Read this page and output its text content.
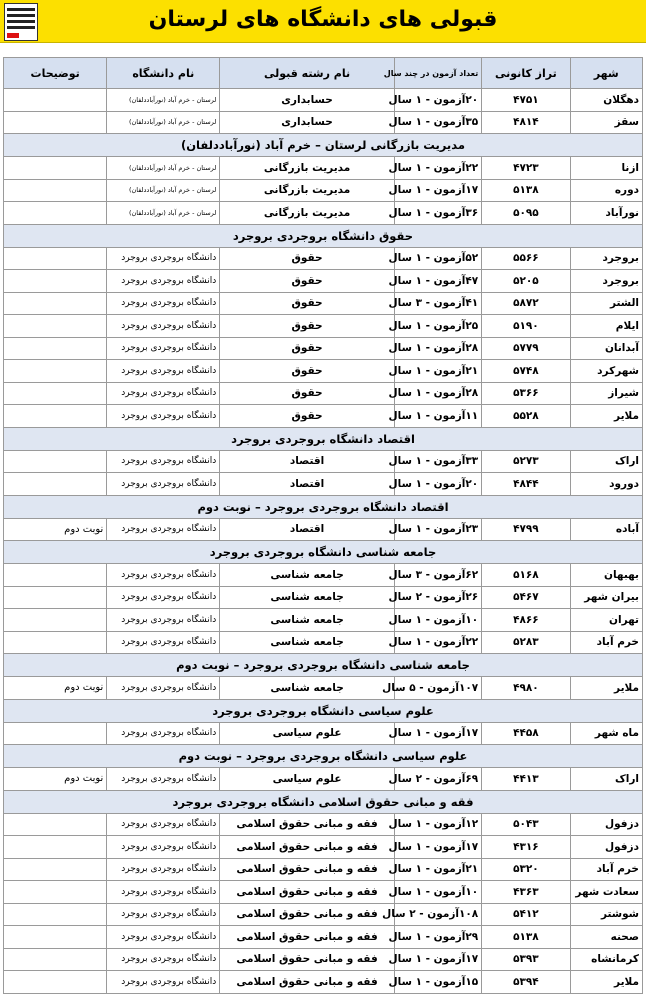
قبولی های دانشگاه های لرستان
شهر	تراز کانونی	تعداد آزمون در چند سال	نام رشته قبولی	نام دانشگاه	توضیحات
دهگلان	۴۷۵۱	۲۰آزمون - ۱ سال	حسابداری	لرستان - خرم آباد (نورآباددلفان)	
سقز	۴۸۱۴	۳۵آزمون - ۱ سال	حسابداری	لرستان - خرم آباد (نورآباددلفان)	
مدیریت بازرگانی لرستان – خرم آباد (نورآباددلفان)					
ازنا	۴۷۲۳	۲۲آزمون - ۱ سال	مدیریت بازرگانی	لرستان - خرم آباد (نورآباددلفان)	
دوره	۵۱۳۸	۱۷آزمون - ۱ سال	مدیریت بازرگانی	لرستان - خرم آباد (نورآباددلفان)	
نورآباد	۵۰۹۵	۳۶آزمون - ۱ سال	مدیریت بازرگانی	لرستان - خرم آباد (نورآباددلفان)	
حقوق دانشگاه بروجردی بروجرد					
بروجرد	۵۵۶۶	۵۲آزمون - ۱ سال	حقوق	دانشگاه بروجردی بروجرد	
بروجرد	۵۲۰۵	۴۷آزمون - ۱ سال	حقوق	دانشگاه بروجردی بروجرد	
الشتر	۵۸۷۲	۴۱آزمون - ۳ سال	حقوق	دانشگاه بروجردی بروجرد	
ایلام	۵۱۹۰	۲۵آزمون - ۱ سال	حقوق	دانشگاه بروجردی بروجرد	
آبدانان	۵۷۷۹	۲۸آزمون - ۱ سال	حقوق	دانشگاه بروجردی بروجرد	
شهرکرد	۵۷۴۸	۲۱آزمون - ۱ سال	حقوق	دانشگاه بروجردی بروجرد	
شیراز	۵۳۶۶	۲۸آزمون - ۱ سال	حقوق	دانشگاه بروجردی بروجرد	
ملایر	۵۵۲۸	۱۱آزمون - ۱ سال	حقوق	دانشگاه بروجردی بروجرد	
اقتصاد دانشگاه بروجردی بروجرد					
اراک	۵۲۷۳	۳۳آزمون - ۱ سال	اقتصاد	دانشگاه بروجردی بروجرد	
دورود	۴۸۴۴	۲۰آزمون - ۱ سال	اقتصاد	دانشگاه بروجردی بروجرد	
اقتصاد دانشگاه بروجردی بروجرد – نوبت دوم					
آباده	۴۷۹۹	۲۳آزمون - ۱ سال	اقتصاد	دانشگاه بروجردی بروجرد	نوبت دوم
جامعه شناسی دانشگاه بروجردی بروجرد					
بهبهان	۵۱۶۸	۶۲آزمون - ۳ سال	جامعه شناسی	دانشگاه بروجردی بروجرد	
بیران شهر	۵۴۶۷	۲۶آزمون - ۲ سال	جامعه شناسی	دانشگاه بروجردی بروجرد	
تهران	۴۸۶۶	۱۰آزمون - ۱ سال	جامعه شناسی	دانشگاه بروجردی بروجرد	
خرم آباد	۵۲۸۳	۲۲آزمون - ۱ سال	جامعه شناسی	دانشگاه بروجردی بروجرد	
جامعه شناسی دانشگاه بروجردی بروجرد – نوبت دوم					
ملایر	۴۹۸۰	۱۰۷آزمون - ۵ سال	جامعه شناسی	دانشگاه بروجردی بروجرد	نوبت دوم
علوم سیاسی دانشگاه بروجردی بروجرد					
ماه شهر	۴۴۵۸	۱۷آزمون - ۱ سال	علوم سیاسی	دانشگاه بروجردی بروجرد	
علوم سیاسی دانشگاه بروجردی بروجرد – نوبت دوم					
اراک	۴۴۱۳	۶۹آزمون - ۲ سال	علوم سیاسی	دانشگاه بروجردی بروجرد	نوبت دوم
فقه و مبانی حقوق اسلامی دانشگاه بروجردی بروجرد					
دزفول	۵۰۴۳	۱۲آزمون - ۱ سال	فقه و مبانی حقوق اسلامی	دانشگاه بروجردی بروجرد	
دزفول	۴۳۱۶	۱۷آزمون - ۱ سال	فقه و مبانی حقوق اسلامی	دانشگاه بروجردی بروجرد	
خرم آباد	۵۳۲۰	۲۱آزمون - ۱ سال	فقه و مبانی حقوق اسلامی	دانشگاه بروجردی بروجرد	
سعادت شهر	۴۳۶۳	۱۰آزمون - ۱ سال	فقه و مبانی حقوق اسلامی	دانشگاه بروجردی بروجرد	
شوشتر	۵۴۱۲	۱۰۸آزمون - ۲ سال	فقه و مبانی حقوق اسلامی	دانشگاه بروجردی بروجرد	
صحنه	۵۱۳۸	۲۹آزمون - ۱ سال	فقه و مبانی حقوق اسلامی	دانشگاه بروجردی بروجرد	
کرمانشاه	۵۳۹۳	۱۷آزمون - ۱ سال	فقه و مبانی حقوق اسلامی	دانشگاه بروجردی بروجرد	
ملایر	۵۳۹۴	۱۵آزمون - ۱ سال	فقه و مبانی حقوق اسلامی	دانشگاه بروجردی بروجرد	
